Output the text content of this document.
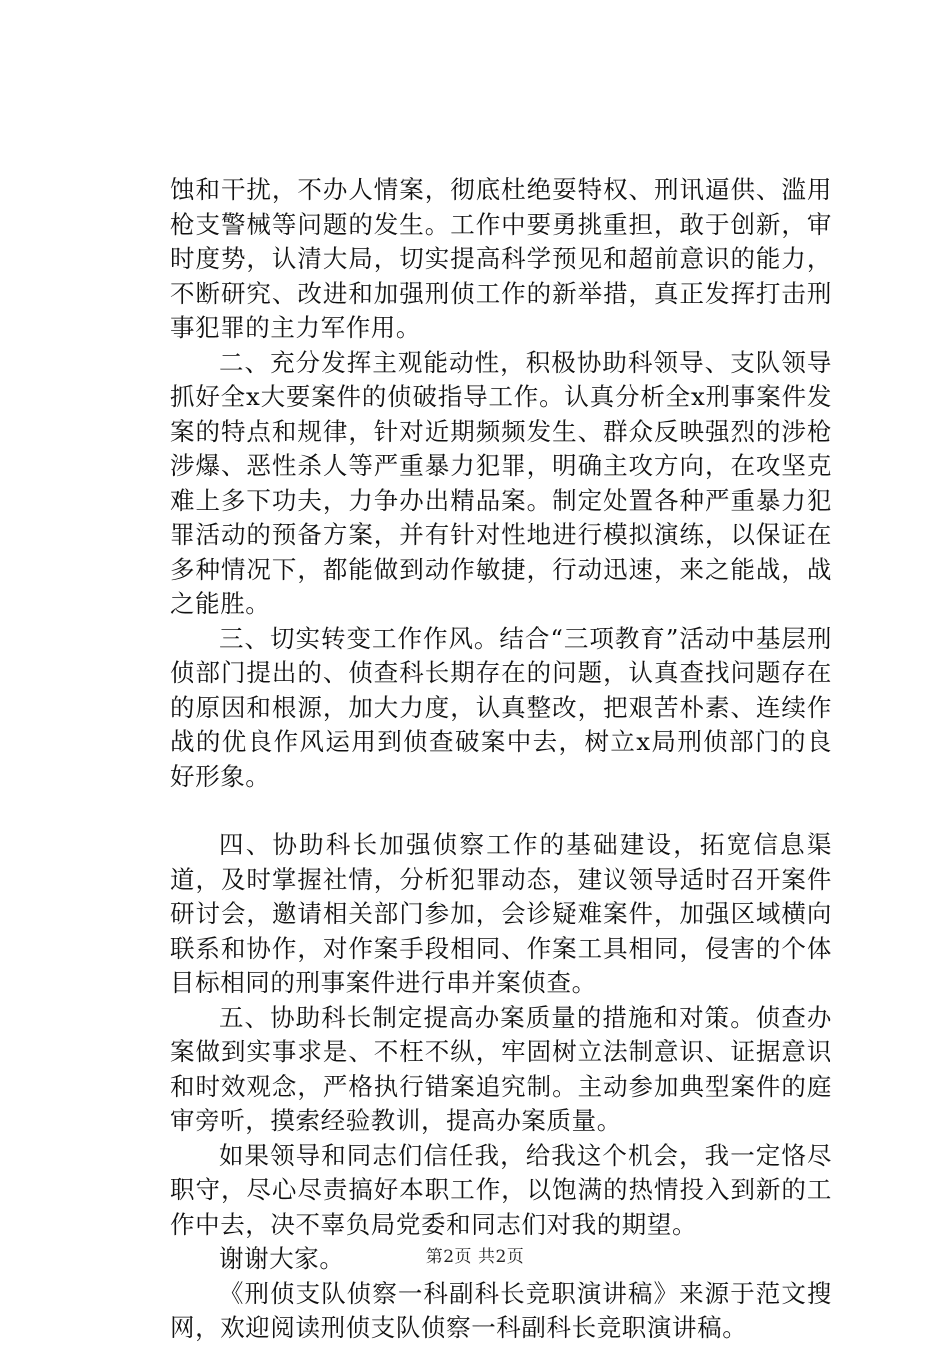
蚀和干扰，不办人情案，彻底杜绝耍特权、刑讯逼供、滥用枪支警械等问题的发生。工作中要勇挑重担，敢于创新，审时度势，认清大局，切实提高科学预见和超前意识的能力，不断研究、改进和加强刑侦工作的新举措，真正发挥打击刑事犯罪的主力军作用。

二、充分发挥主观能动性，积极协助科领导、支队领导抓好全x大要案件的侦破指导工作。认真分析全x刑事案件发案的特点和规律，针对近期频频发生、群众反映强烈的涉枪涉爆、恶性杀人等严重暴力犯罪，明确主攻方向，在攻坚克难上多下功夫，力争办出精品案。制定处置各种严重暴力犯罪活动的预备方案，并有针对性地进行模拟演练，以保证在多种情况下，都能做到动作敏捷，行动迅速，来之能战，战之能胜。

三、切实转变工作作风。结合“三项教育”活动中基层刑侦部门提出的、侦查科长期存在的问题，认真查找问题存在的原因和根源，加大力度，认真整改，把艰苦朴素、连续作战的优良作风运用到侦查破案中去，树立x局刑侦部门的良好形象。

四、协助科长加强侦察工作的基础建设，拓宽信息渠道，及时掌握社情，分析犯罪动态，建议领导适时召开案件研讨会，邀请相关部门参加，会诊疑难案件，加强区域横向联系和协作，对作案手段相同、作案工具相同，侵害的个体目标相同的刑事案件进行串并案侦查。

五、协助科长制定提高办案质量的措施和对策。侦查办案做到实事求是、不枉不纵，牢固树立法制意识、证据意识和时效观念，严格执行错案追究制。主动参加典型案件的庭审旁听，摸索经验教训，提高办案质量。

如果领导和同志们信任我，给我这个机会，我一定恪尽职守，尽心尽责搞好本职工作，以饱满的热情投入到新的工作中去，决不辜负局党委和同志们对我的期望。

谢谢大家。

《刑侦支队侦察一科副科长竞职演讲稿》来源于范文搜网，欢迎阅读刑侦支队侦察一科副科长竞职演讲稿。

第2页 共2页
